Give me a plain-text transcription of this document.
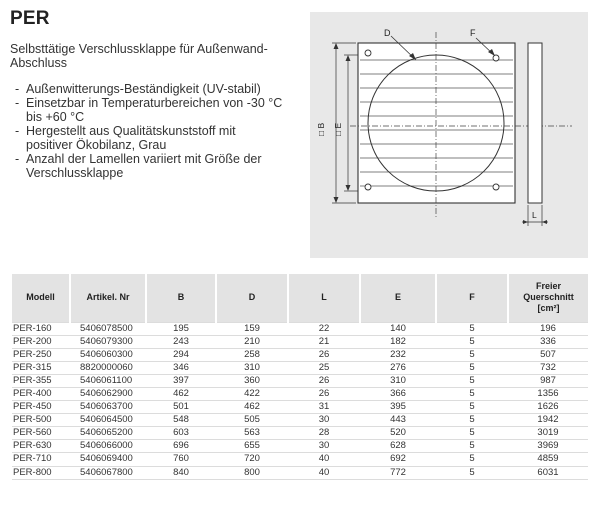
PER
Selbsttätige Verschlussklappe für Außenwand-Abschluss
- Außenwitterungs-Beständigkeit (UV-stabil)
- Einsetzbar in Temperaturbereichen von -30 °C bis +60 °C
- Hergestellt aus Qualitätskunststoff mit positiver Ökobilanz, Grau
- Anzahl der Lamellen variiert mit Größe der Verschlussklappe
D	F
□ B □ E
L
Modell	Artikel. Nr	B	D	L	E	F	Freier Querschnitt [cm²]
PER-160	5406078500	195	159	22	140	5	196
PER-200	5406079300	243	210	21	182	5	336
PER-250	5406060300	294	258	26	232	5	507
PER-315	8820000060	346	310	25	276	5	732
PER-355	5406061100	397	360	26	310	5	987
PER-400	5406062900	462	422	26	366	5	1356
PER-450	5406063700	501	462	31	395	5	1626
PER-500	5406064500	548	505	30	443	5	1942
PER-560	5406065200	603	563	28	520	5	3019
PER-630	5406066000	696	655	30	628	5	3969
PER-710	5406069400	760	720	40	692	5	4859
PER-800	5406067800	840	800	40	772	5	6031
